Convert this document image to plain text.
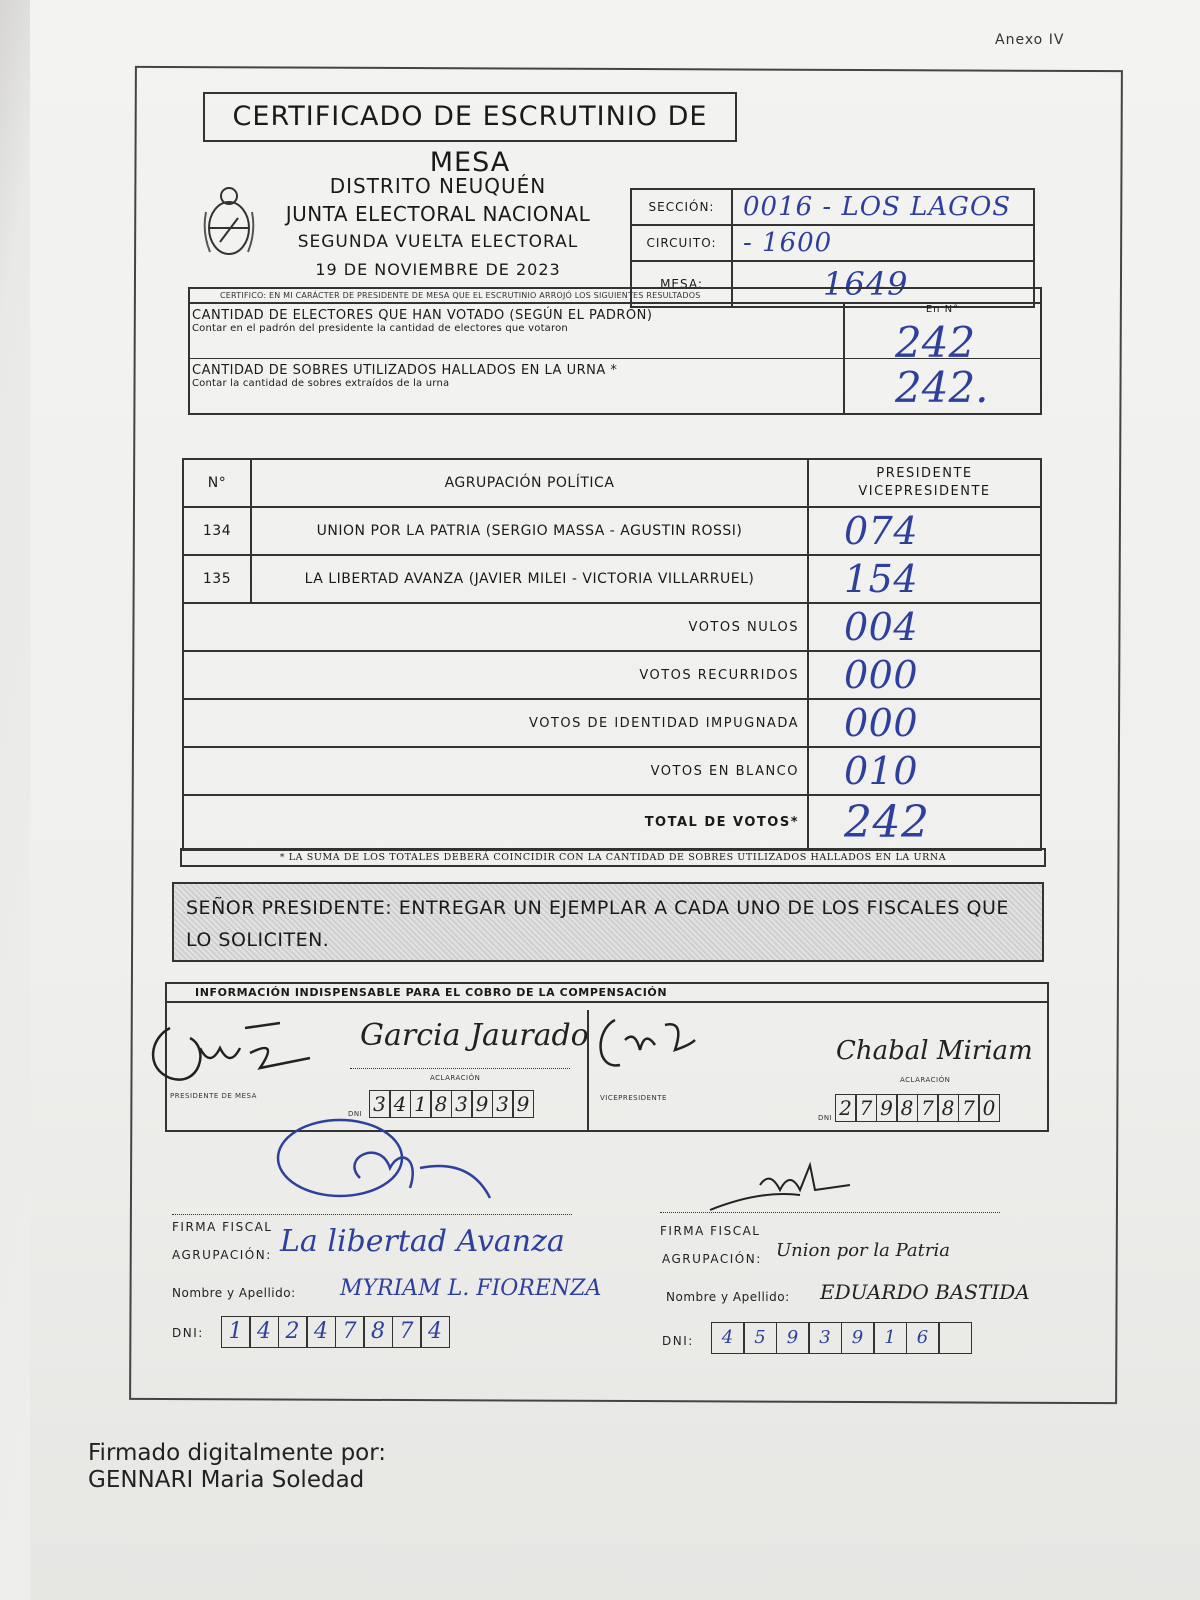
Anexo IV
CERTIFICADO DE ESCRUTINIO DE MESA
DISTRITO NEUQUÉN
JUNTA ELECTORAL NACIONAL
SEGUNDA VUELTA ELECTORAL
19 DE NOVIEMBRE DE 2023
SECCIÓN:	0016 - LOS LAGOS
CIRCUITO:	- 1600
MESA:	1649
CERTIFICO: EN MI CARÁCTER DE PRESIDENTE DE MESA QUE EL ESCRUTINIO ARROJÓ LOS SIGUIENTES RESULTADOS
CANTIDAD DE ELECTORES QUE HAN VOTADO (SEGÚN EL PADRÓN)
Contar en el padrón del presidente la cantidad de electores que votaron
En N°
242
CANTIDAD DE SOBRES UTILIZADOS HALLADOS EN LA URNA *
Contar la cantidad de sobres extraídos de la urna	242.
N°	AGRUPACIÓN POLÍTICA	PRESIDENTE
VICEPRESIDENTE

134	UNION POR LA PATRIA (SERGIO MASSA - AGUSTIN ROSSI)	074
135	LA LIBERTAD AVANZA (JAVIER MILEI - VICTORIA VILLARRUEL)	154
VOTOS NULOS		004
VOTOS RECURRIDOS		000
VOTOS DE IDENTIDAD IMPUGNADA		000
VOTOS EN BLANCO		010
TOTAL DE VOTOS*		242
* LA SUMA DE LOS TOTALES DEBERÁ COINCIDIR CON LA CANTIDAD DE SOBRES UTILIZADOS HALLADOS EN LA URNA
SEÑOR PRESIDENTE: ENTREGAR UN EJEMPLAR A CADA UNO DE LOS FISCALES QUE LO SOLICITEN.
INFORMACIÓN INDISPENSABLE PARA EL COBRO DE LA COMPENSACIÓN
Garcia Jaurado
ACLARACIÓN
PRESIDENTE DE MESA
DNI 3 4 1 8 3 9 3 9
Chabal Miriam
ACLARACIÓN
VICEPRESIDENTE
DNI 2 7 9 8 7 8 7 0
FIRMA FISCAL
AGRUPACIÓN: La libertad Avanza
Nombre y Apellido: MYRIAM L. FIORENZA
DNI:	1 4 2 4 7 8 7 4
FIRMA FISCAL
AGRUPACIÓN: Union por la Patria
Nombre y Apellido: EDUARDO BASTIDA
DNI:	4	5	9	3	9	1	6
Firmado digitalmente por:
GENNARI Maria Soledad
